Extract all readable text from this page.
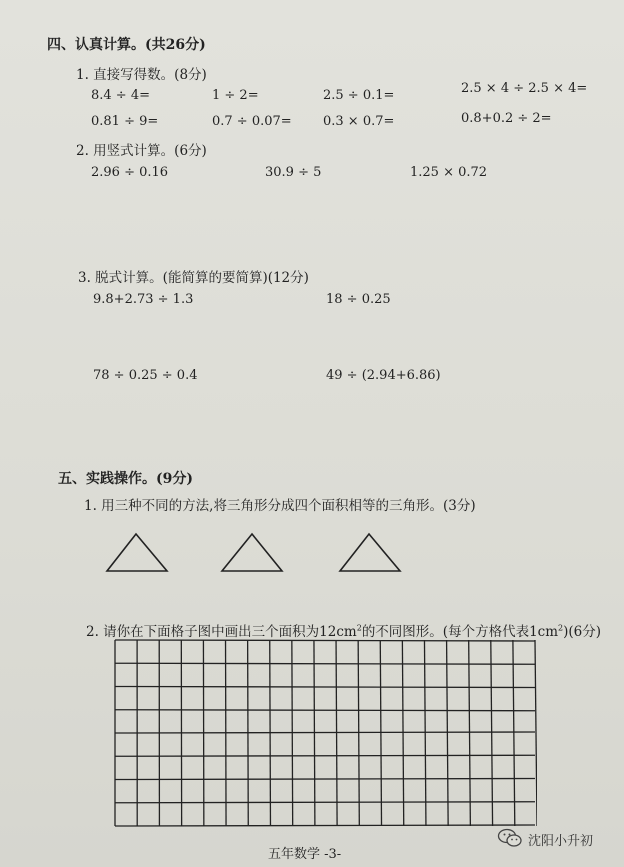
四、认真计算。(共26分)
1. 直接写得数。(8分)
8.4 ÷ 4=	1 ÷ 2=	2.5 ÷ 0.1=	2.5 × 4 ÷ 2.5 × 4=
0.81 ÷ 9=	0.7 ÷ 0.07= 0.3 × 0.7=	0.8+0.2 ÷ 2=
2. 用竖式计算。(6分)
2.96 ÷ 0.16	30.9 ÷ 5	1.25 × 0.72
3. 脱式计算。(能简算的要简算)(12分)
9.8+2.73 ÷ 1.3	18 ÷ 0.25
78 ÷ 0.25 ÷ 0.4	49 ÷ (2.94+6.86)
五、实践操作。(9分)
1. 用三种不同的方法,将三角形分成四个面积相等的三角形。(3分)
2. 请你在下面格子图中画出三个面积为$12cm^2$的不同图形。(每个方格代表$1cm^2)(6$分)
五年数学 -3-
沈阳小升初
